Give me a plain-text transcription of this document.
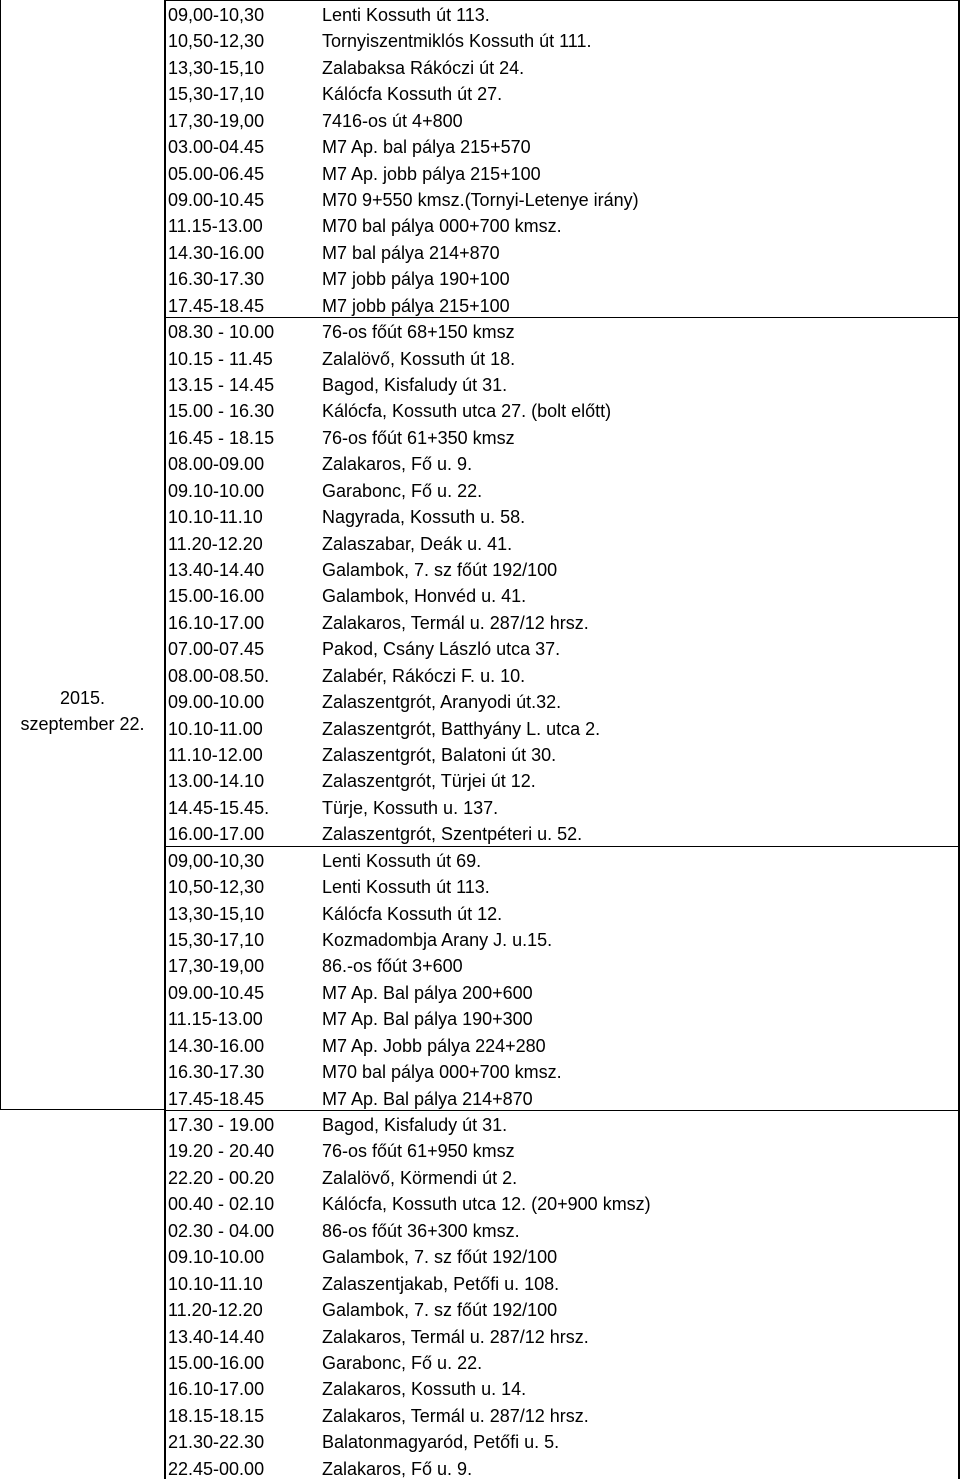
2015.
szeptember 22.
09,00-10,30	Lenti Kossuth út 113.
10,50-12,30	Tornyiszentmiklós Kossuth út 111.
13,30-15,10	Zalabaksa Rákóczi út 24.
15,30-17,10	Kálócfa Kossuth út 27.
17,30-19,00	7416-os út 4+800
03.00-04.45	M7 Ap. bal pálya 215+570
05.00-06.45	M7 Ap. jobb pálya 215+100
09.00-10.45	M70 9+550 kmsz.(Tornyi-Letenye irány)
11.15-13.00	M70 bal pálya 000+700 kmsz.
14.30-16.00	M7 bal pálya 214+870
16.30-17.30	M7 jobb pálya 190+100
17.45-18.45	M7 jobb pálya 215+100
08.30 - 10.00	76-os főút 68+150 kmsz
10.15 - 11.45	Zalalövő, Kossuth út 18.
13.15 - 14.45	Bagod, Kisfaludy út 31.
15.00 - 16.30	Kálócfa, Kossuth utca 27. (bolt előtt)
16.45 - 18.15	76-os főút 61+350 kmsz
08.00-09.00	Zalakaros, Fő u. 9.
09.10-10.00	Garabonc, Fő u. 22.
10.10-11.10	Nagyrada, Kossuth u. 58.
11.20-12.20	Zalaszabar, Deák u. 41.
13.40-14.40	Galambok, 7. sz főút 192/100
15.00-16.00	Galambok, Honvéd u. 41.
16.10-17.00	Zalakaros, Termál u. 287/12 hrsz.
07.00-07.45	Pakod, Csány László utca 37.
08.00-08.50.	Zalabér, Rákóczi F. u. 10.
09.00-10.00	Zalaszentgrót, Aranyodi út.32.
10.10-11.00	Zalaszentgrót, Batthyány L. utca 2.
11.10-12.00	Zalaszentgrót, Balatoni út 30.
13.00-14.10	Zalaszentgrót, Türjei út 12.
14.45-15.45.	Türje, Kossuth u. 137.
16.00-17.00	Zalaszentgrót, Szentpéteri u. 52.
09,00-10,30	Lenti Kossuth út 69.
10,50-12,30	Lenti Kossuth út 113.
13,30-15,10	Kálócfa Kossuth út 12.
15,30-17,10	Kozmadombja Arany J. u.15.
17,30-19,00	86.-os főút 3+600
09.00-10.45	M7 Ap. Bal pálya 200+600
11.15-13.00	M7 Ap. Bal pálya 190+300
14.30-16.00	M7 Ap. Jobb pálya 224+280
16.30-17.30	M70 bal pálya 000+700 kmsz.
17.45-18.45	M7 Ap. Bal pálya 214+870
17.30 - 19.00	Bagod, Kisfaludy út 31.
19.20 - 20.40	76-os főút 61+950 kmsz
22.20 - 00.20	Zalalövő, Körmendi út 2.
00.40 - 02.10	Kálócfa, Kossuth utca 12. (20+900 kmsz)
02.30 - 04.00	86-os főút 36+300 kmsz.
09.10-10.00	Galambok, 7. sz főút 192/100
10.10-11.10	Zalaszentjakab, Petőfi u. 108.
11.20-12.20	Galambok, 7. sz főút 192/100
13.40-14.40	Zalakaros, Termál u. 287/12 hrsz.
15.00-16.00	Garabonc, Fő u. 22.
16.10-17.00	Zalakaros, Kossuth u. 14.
18.15-18.15	Zalakaros, Termál u. 287/12 hrsz.
21.30-22.30	Balatonmagyaród, Petőfi u. 5.
22.45-00.00	Zalakaros, Fő u. 9.
